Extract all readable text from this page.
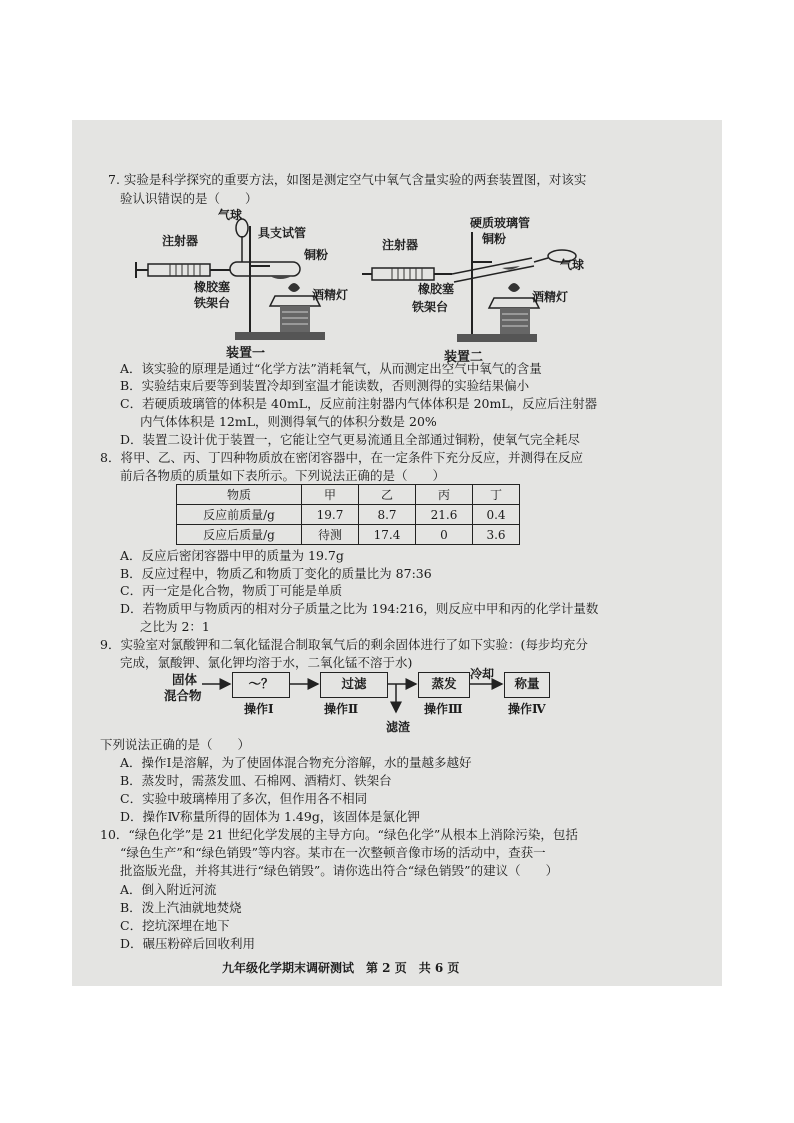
7. 实验是科学探究的重要方法，如图是测定空气中氧气含量实验的两套装置图，对该实
验认识错误的是（　　）
气球
注射器
具支试管
铜粉
橡胶塞
酒精灯
铁架台
装置一
硬质玻璃管
铜粉
注射器
气球
橡胶塞
酒精灯
铁架台
装置二
A．该实验的原理是通过“化学方法”消耗氧气，从而测定出空气中氧气的含量
B．实验结束后要等到装置冷却到室温才能读数，否则测得的实验结果偏小
C．若硬质玻璃管的体积是 40mL，反应前注射器内气体体积是 20mL，反应后注射器
内气体体积是 12mL，则测得氧气的体积分数是 20%
D．装置二设计优于装置一，它能让空气更易流通且全部通过铜粉，使氧气完全耗尽
8．将甲、乙、丙、丁四种物质放在密闭容器中，在一定条件下充分反应，并测得在反应
前后各物质的质量如下表所示。下列说法正确的是（　　）
物质	甲	乙	丙	丁
反应前质量/g	19.7	8.7	21.6	0.4
反应后质量/g	待测	17.4	0	3.6
A．反应后密闭容器中甲的质量为 19.7g
B．反应过程中，物质乙和物质丁变化的质量比为 87:36
C．丙一定是化合物，物质丁可能是单质
D．若物质甲与物质丙的相对分子质量之比为 194:216，则反应中甲和丙的化学计量数
之比为 2：1
9．实验室对氯酸钾和二氧化锰混合制取氧气后的剩余固体进行了如下实验：(每步均充分
完成，氯酸钾、氯化钾均溶于水，二氧化锰不溶于水)
固体
混合物
～？	过滤	蒸发	称量
冷却
操作Ⅰ	操作Ⅱ	操作Ⅲ	操作Ⅳ
滤渣
下列说法正确的是（　　）
A．操作Ⅰ是溶解，为了使固体混合物充分溶解，水的量越多越好
B．蒸发时，需蒸发皿、石棉网、酒精灯、铁架台
C．实验中玻璃棒用了多次，但作用各不相同
D．操作Ⅳ称量所得的固体为 1.49g，该固体是氯化钾
10．“绿色化学”是 21 世纪化学发展的主导方向。“绿色化学”从根本上消除污染，包括
“绿色生产”和“绿色销毁”等内容。某市在一次整顿音像市场的活动中，查获一
批盗版光盘，并将其进行“绿色销毁”。请你选出符合“绿色销毁”的建议（　　）
A．倒入附近河流
B．泼上汽油就地焚烧
C．挖坑深埋在地下
D．碾压粉碎后回收利用
九年级化学期末调研测试　第 2 页　共 6 页
